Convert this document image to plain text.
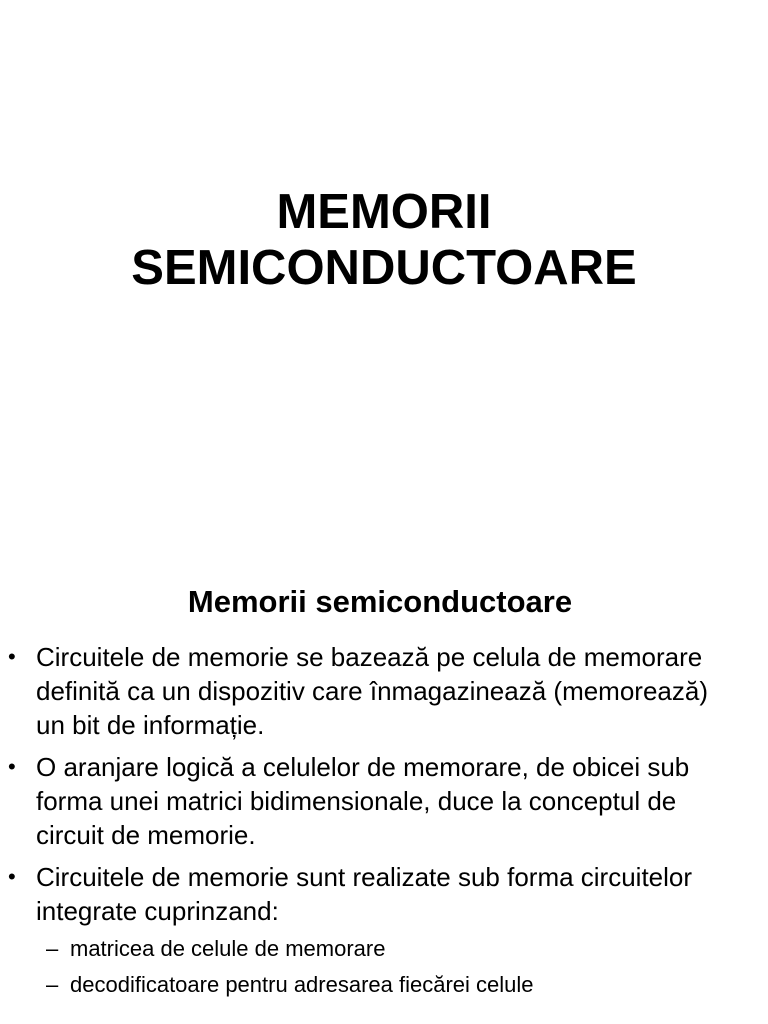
MEMORII
SEMICONDUCTOARE
Memorii semiconductoare
• Circuitele de memorie se bazează pe celula de memorare definită ca un dispozitiv care înmagazinează (memorează) un bit de informație.
• O aranjare logică a celulelor de memorare, de obicei sub forma unei matrici bidimensionale, duce la conceptul de circuit de memorie.
• Circuitele de memorie sunt realizate sub forma circuitelor integrate cuprinzand:
– matricea de celule de memorare
– decodificatoare pentru adresarea fiecărei celule
